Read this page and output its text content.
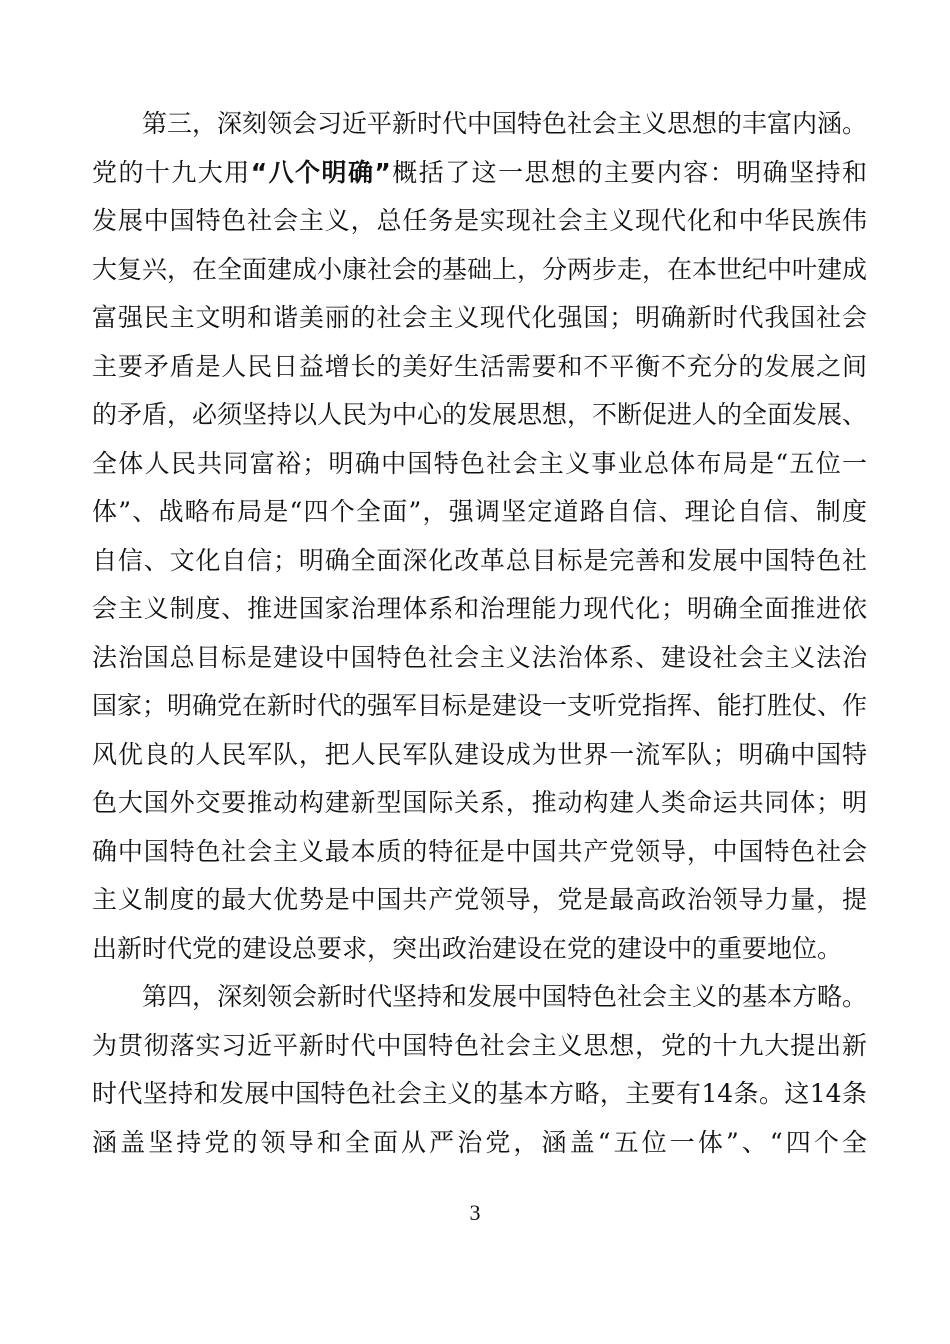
第三，深刻领会习近平新时代中国特色社会主义思想的丰富内涵。
党的十九大用“八个明确”概括了这一思想的主要内容：明确坚持和
发展中国特色社会主义，总任务是实现社会主义现代化和中华民族伟
大复兴，在全面建成小康社会的基础上，分两步走，在本世纪中叶建成
富强民主文明和谐美丽的社会主义现代化强国；明确新时代我国社会
主要矛盾是人民日益增长的美好生活需要和不平衡不充分的发展之间
的矛盾，必须坚持以人民为中心的发展思想，不断促进人的全面发展、
全体人民共同富裕；明确中国特色社会主义事业总体布局是“五位一
体”、战略布局是“四个全面”，强调坚定道路自信、理论自信、制度
自信、文化自信；明确全面深化改革总目标是完善和发展中国特色社
会主义制度、推进国家治理体系和治理能力现代化；明确全面推进依
法治国总目标是建设中国特色社会主义法治体系、建设社会主义法治
国家；明确党在新时代的强军目标是建设一支听党指挥、能打胜仗、作
风优良的人民军队，把人民军队建设成为世界一流军队；明确中国特
色大国外交要推动构建新型国际关系，推动构建人类命运共同体；明
确中国特色社会主义最本质的特征是中国共产党领导，中国特色社会
主义制度的最大优势是中国共产党领导，党是最高政治领导力量，提
出新时代党的建设总要求，突出政治建设在党的建设中的重要地位。
第四，深刻领会新时代坚持和发展中国特色社会主义的基本方略。
为贯彻落实习近平新时代中国特色社会主义思想，党的十九大提出新
时代坚持和发展中国特色社会主义的基本方略，主要有14条。这14条
涵盖坚持党的领导和全面从严治党，涵盖“五位一体”、“四个全
3
